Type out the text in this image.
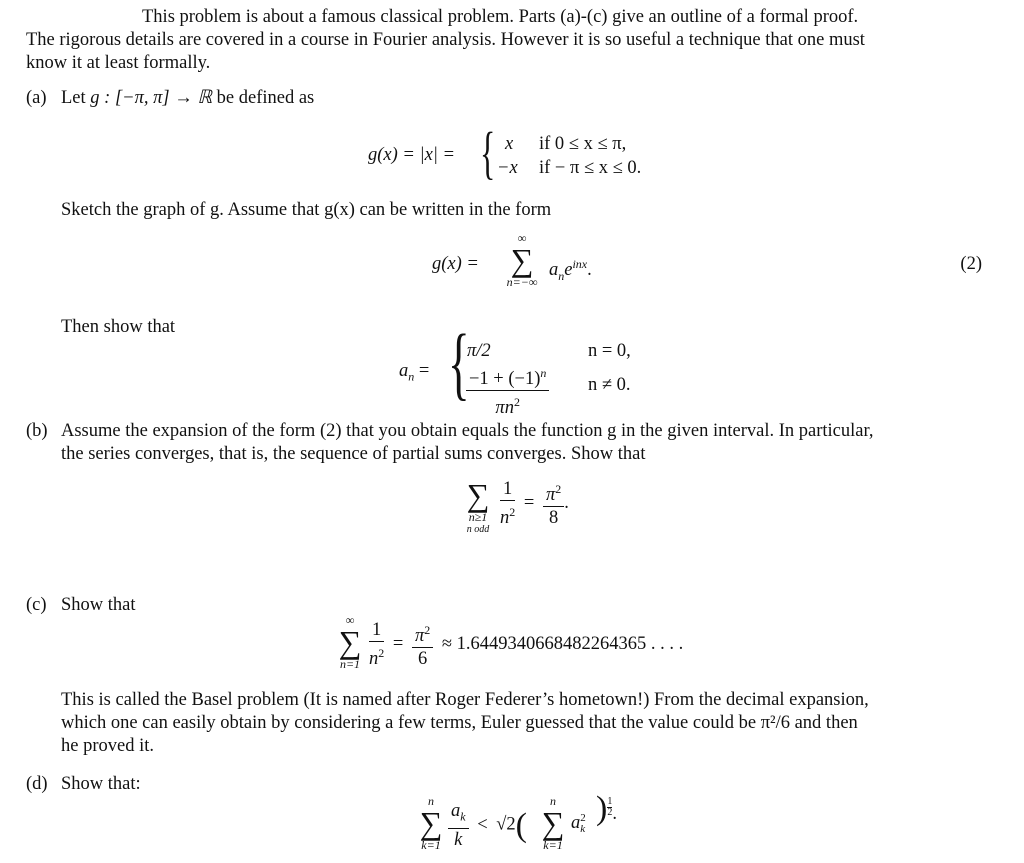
This problem is about a famous classical problem. Parts (a)-(c) give an outline of a formal proof.
The rigorous details are covered in a course in Fourier analysis. However it is so useful a technique that one must
know it at least formally.
(a) Let g : [−π, π] → ℝ be defined as
g(x) = |x| = { x if 0 ≤ x ≤ π,
−x if − π ≤ x ≤ 0.
Sketch the graph of g. Assume that g(x) can be written in the form
g(x) =
∞
∑
n=−∞
$a_ne^{inx}$.	(2)
Then show that
$a_n$ = {
π/2	n = 0,
$\frac{-1 + (-1)^n}{\pi n^2}$ n ≠ 0.
(b) Assume the expansion of the form (2) that you obtain equals the function g in the given interval. In particular,
the series converges, that is, the sequence of partial sums converges. Show that
∑
n≥1
n odd
$\frac{1}{n^2} = \frac{\pi^2}{8}$ .
(c) Show that
∞
∑
$n=1 \frac{1}{n^2} = \frac{\pi^2}{6} \approx 1.6449340668482264365$ . . . .
This is called the Basel problem (It is named after Roger Federer’s hometown!) From the decimal expansion,
which one can easily obtain by considering a few terms, Euler guessed that the value could be π²/6 and then
he proved it.
(d) Show that:
n
∑
$k=1 \frac{a_k}{k} < √2$(
n
∑
k=1
a 2
k
) $\frac{1}{2}$ .
